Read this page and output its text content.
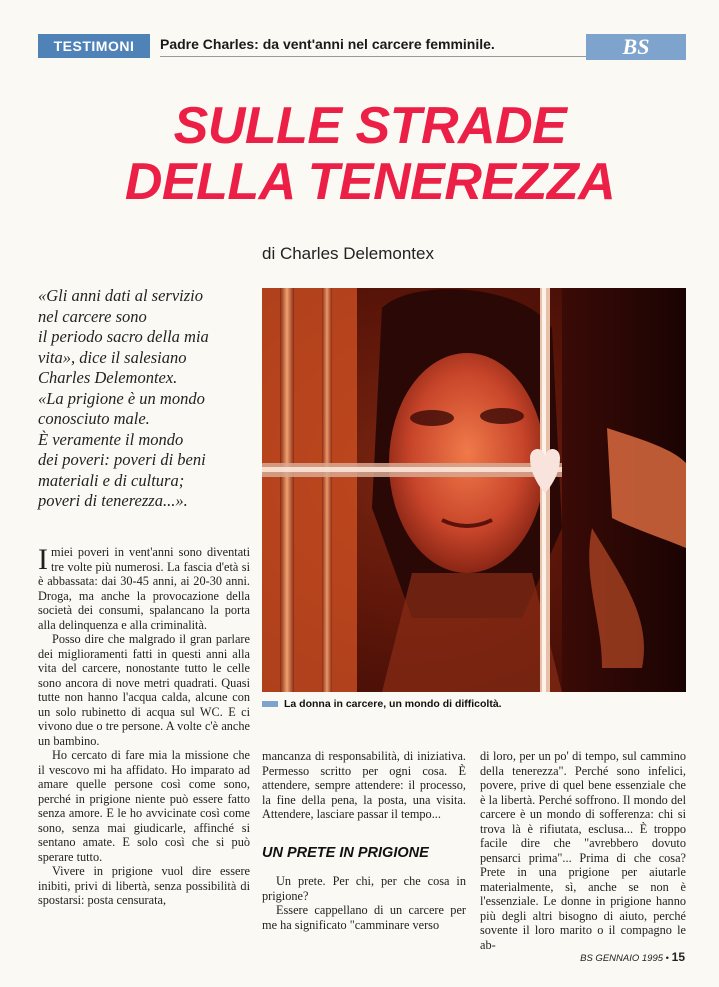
TESTIMONI	Padre Charles: da vent'anni nel carcere femminile.	BS
SULLE STRADE
DELLA TENEREZZA
di Charles Delemontex
«Gli anni dati al servizio
nel carcere sono
il periodo sacro della mia
vita», dice il salesiano
Charles Delemontex.
«La prigione è un mondo
conosciuto male.
È veramente il mondo
dei poveri: poveri di beni
materiali e di cultura;
poveri di tenerezza...».
La donna in carcere, un mondo di difficoltà.

Imiei poveri in vent'anni sono diventati tre volte più numerosi. La fascia d'età si è abbassata: dai 30-45 anni, ai 20-30 anni. Droga, ma anche la provocazione della società dei consumi, spalancano la porta alla delinquenza e alla criminalità.

Posso dire che malgrado il gran parlare dei miglioramenti fatti in questi anni alla vita del carcere, nonostante tutto le celle sono ancora di nove metri quadrati. Quasi tutte non hanno l'acqua calda, alcune con un solo rubinetto di acqua sul WC. E ci vivono due o tre persone. A volte c'è anche un bambino.

Ho cercato di fare mia la missione che il vescovo mi ha affidato. Ho imparato ad amare quelle persone così come sono, perché in prigione niente può essere fatto senza amore. E le ho avvicinate così come sono, senza mai giudicarle, affinché si sentano amate. E solo così che si può sperare tutto.

Vivere in prigione vuol dire essere inibiti, privi di libertà, senza possibilità di spostarsi: posta censurata,

mancanza di responsabilità, di iniziativa. Permesso scritto per ogni cosa. È attendere, sempre attendere: il processo, la fine della pena, la posta, una visita. Attendere, lasciare passar il tempo...

UN PRETE IN PRIGIONE

Un prete. Per chi, per che cosa in prigione?

Essere cappellano di un carcere per me ha significato "camminare verso

di loro, per un po' di tempo, sul cammino della tenerezza". Perché sono infelici, povere, prive di quel bene essenziale che è la libertà. Perché soffrono. Il mondo del carcere è un mondo di sofferenza: chi si trova là è rifiutata, esclusa... È troppo facile dire che "avrebbero dovuto pensarci prima"... Prima di che cosa? Prete in una prigione per aiutarle materialmente, sì, anche se non è l'essenziale. Le donne in prigione hanno più degli altri bisogno di aiuto, perché sovente il loro marito o il compagno le ab-

BS GENNAIO 1995 • 15
